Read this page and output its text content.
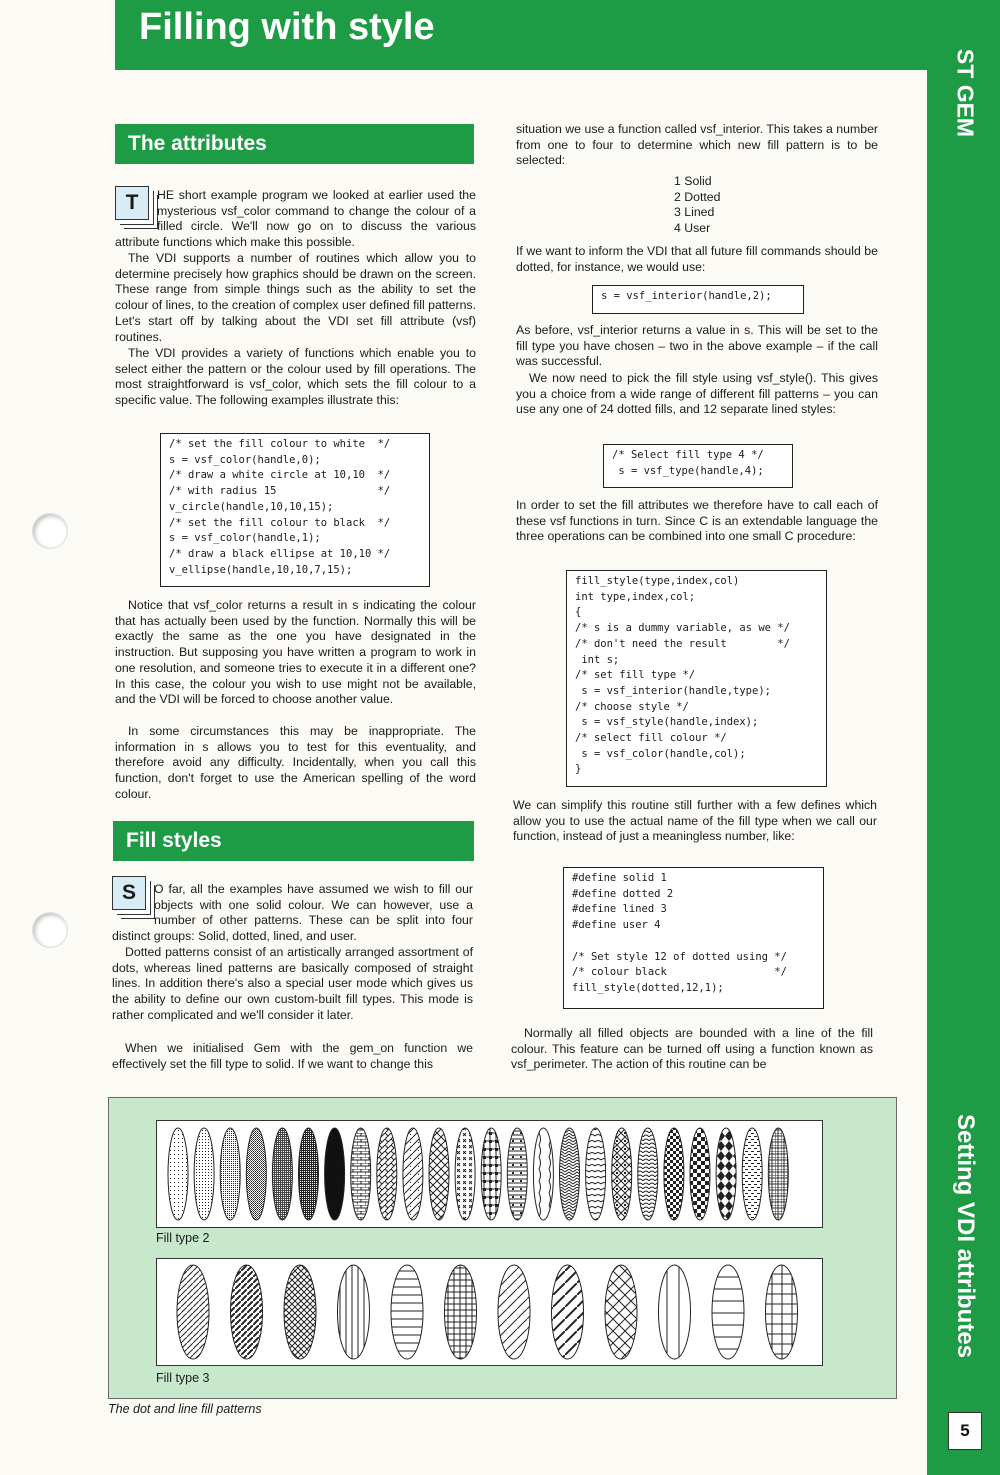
Filling with style
ST GEM
Setting VDI attributes
5
The attributes
T	HE short example program we looked at earlier used the mysterious vsf_color command to change the colour of a filled circle. We'll now go on to discuss the various attribute functions which make this possible.

The VDI supports a number of routines which allow you to determine precisely how graphics should be drawn on the screen. These range from simple things such as the ability to set the colour of lines, to the creation of complex user defined fill patterns. Let's start off by talking about the VDI set fill attribute (vsf) routines.

The VDI provides a variety of functions which enable you to select either the pattern or the colour used by fill operations. The most straightforward is vsf_color, which sets the fill colour to a specific value. The following examples illustrate this:

/* set the fill colour to white  */
s = vsf_color(handle,0);
/* draw a white circle at 10,10  */
/* with radius 15                */
v_circle(handle,10,10,15);
/* set the fill colour to black  */
s = vsf_color(handle,1);
/* draw a black ellipse at 10,10 */
v_ellipse(handle,10,10,7,15);

Notice that vsf_color returns a result in s indicating the colour that has actually been used by the function. Normally this will be exactly the same as the one you have designated in the instruction. But supposing you have written a program to work in one resolution, and someone tries to execute it in a different one? In this case, the colour you wish to use might not be available, and the VDI will be forced to choose another value.

In some circumstances this may be inappropriate. The information in s allows you to test for this eventuality, and therefore avoid any difficulty. Incidentally, when you call this function, don't forget to use the American spelling of the word colour.

Fill styles
S	O far, all the examples have assumed we wish to fill our objects with one solid colour. We can however, use a number of other patterns. These can be split into four distinct groups: Solid, dotted, lined, and user.

Dotted patterns consist of an artistically arranged assortment of dots, whereas lined patterns are basically composed of straight lines. In addition there's also a special user mode which gives us the ability to define our own custom-built fill types. This mode is rather complicated and we'll consider it later.

When we initialised Gem with the gem_on function we effectively set the fill type to solid. If we want to change this

situation we use a function called vsf_interior. This takes a number from one to four to determine which new fill pattern is to be selected:

1 Solid
2 Dotted
3 Lined
4 User

If we want to inform the VDI that all future fill commands should be dotted, for instance, we would use:

s = vsf_interior(handle,2);

As before, vsf_interior returns a value in s. This will be set to the fill type you have chosen – two in the above example – if the call was successful.

We now need to pick the fill style using vsf_style(). This gives you a choice from a wide range of different fill patterns – you can use any one of 24 dotted fills, and 12 separate lined styles:

/* Select fill type 4 */
s = vsf_type(handle,4);

In order to set the fill attributes we therefore have to call each of these vsf functions in turn. Since C is an extendable language the three operations can be combined into one small C procedure:

fill_style(type,index,col)
int type,index,col;
{
/* s is a dummy variable, as we */
/* don't need the result        */
int s;
/* set fill type */
s = vsf_interior(handle,type);
/* choose style */
s = vsf_style(handle,index);
/* select fill colour */
s = vsf_color(handle,col);
}

We can simplify this routine still further with a few defines which allow you to use the actual name of the fill type when we call our function, instead of just a meaningless number, like:

#define solid 1
#define dotted 2
#define lined 3
#define user 4

/* Set style 12 of dotted using */
/* colour black                 */
fill_style(dotted,12,1);

Normally all filled objects are bounded with a line of the fill colour. This feature can be turned off using a function known as vsf_perimeter. The action of this routine can be

Fill type 2
Fill type 3
The dot and line fill patterns
